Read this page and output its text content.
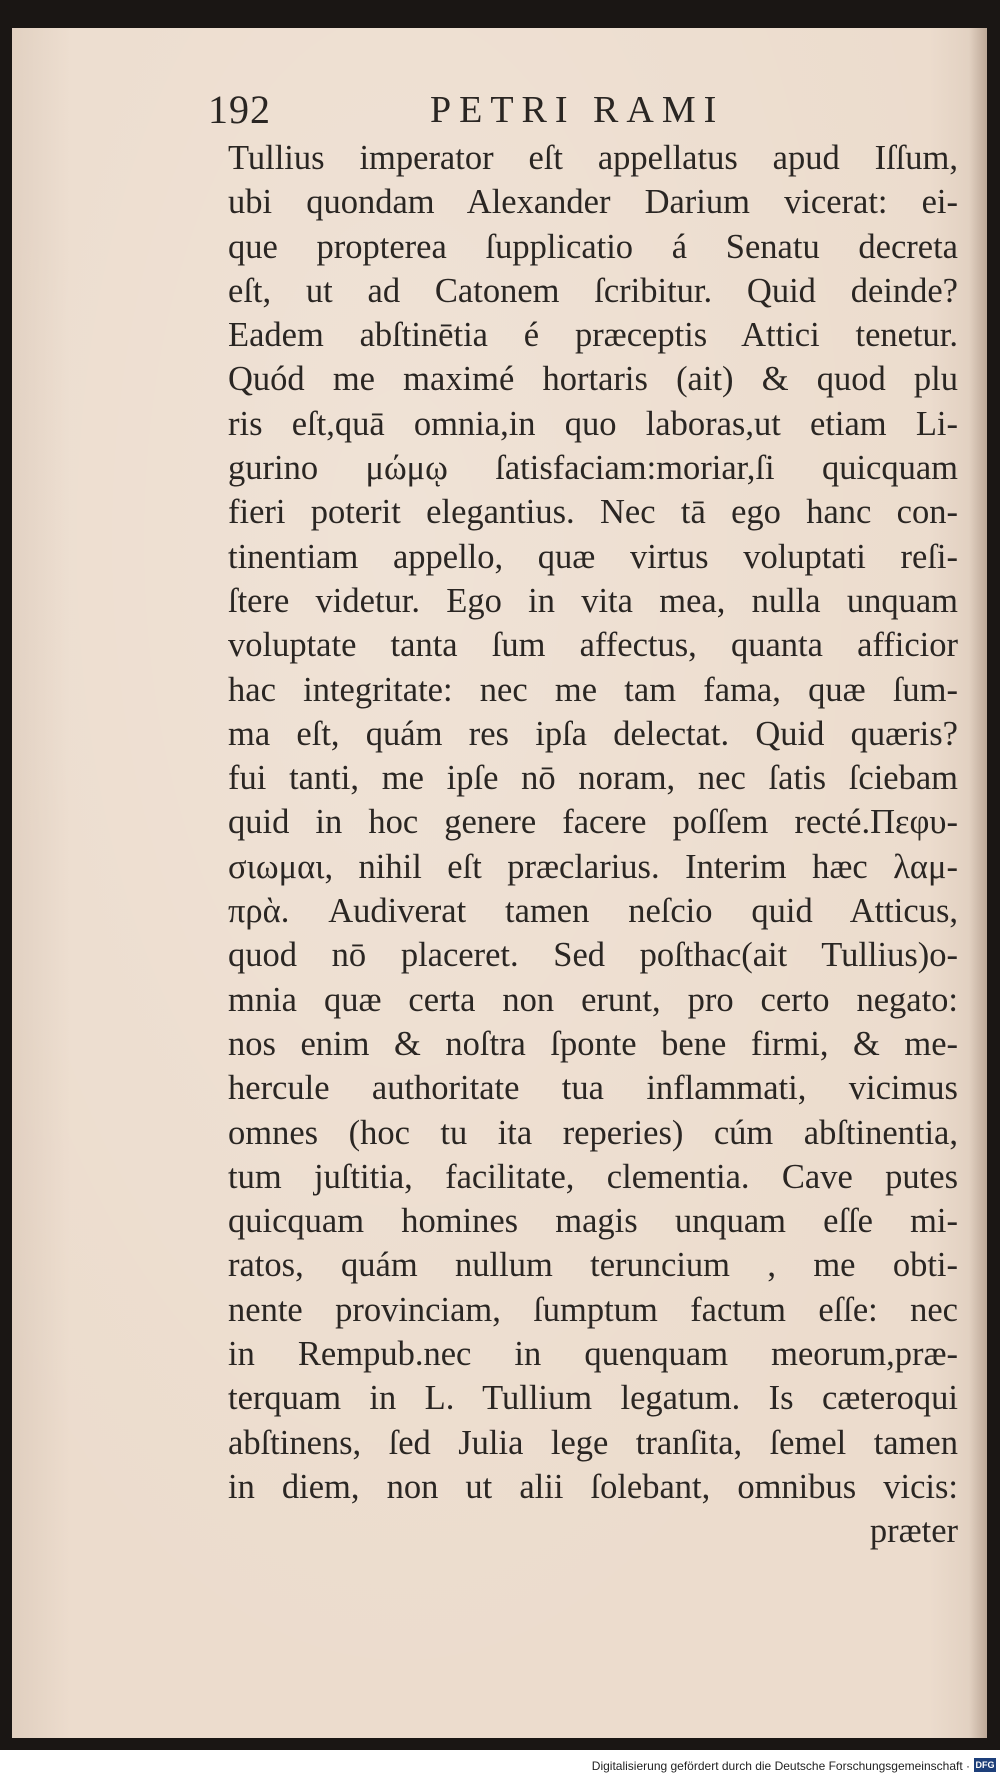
192	PETRI RAMI
Tullius imperator eſt appellatus apud Iſſum,
ubi quondam Alexander Darium vicerat: ei-
que propterea ſupplicatio á Senatu decreta
eſt, ut ad Catonem ſcribitur. Quid deinde?
Eadem abſtinētia é præceptis Attici tenetur.
Quód me maximé hortaris (ait) & quod plu
ris eſt,quā omnia,in quo laboras,ut etiam Li-
gurino μώμῳ ſatisfaciam:moriar,ſi quicquam
fieri poterit elegantius. Nec tā ego hanc con-
tinentiam appello, quæ virtus voluptati reſi-
ſtere videtur. Ego in vita mea, nulla unquam
voluptate tanta ſum affectus, quanta afficior
hac integritate: nec me tam fama, quæ ſum-
ma eſt, quám res ipſa delectat. Quid quæris?
fui tanti, me ipſe nō noram, nec ſatis ſciebam
quid in hoc genere facere poſſem recté.Πεφυ-
σιωμαι, nihil eſt præclarius. Interim hæc λαμ-
πρὰ. Audiverat tamen neſcio quid Atticus,
quod nō placeret. Sed poſthac(ait Tullius)o-
mnia quæ certa non erunt, pro certo negato:
nos enim & noſtra ſponte bene firmi, & me-
hercule authoritate tua inflammati, vicimus
omnes (hoc tu ita reperies) cúm abſtinentia,
tum juſtitia, facilitate, clementia. Cave putes
quicquam homines magis unquam eſſe mi-
ratos, quám nullum teruncium , me obti-
nente provinciam, ſumptum factum eſſe: nec
in Rempub.nec in quenquam meorum,præ-
terquam in L. Tullium legatum. Is cæteroqui
abſtinens, ſed Julia lege tranſita, ſemel tamen
in diem, non ut alii ſolebant, omnibus vicis:
præter
Digitalisierung gefördert durch die Deutsche Forschungsgemeinschaft · DFG
